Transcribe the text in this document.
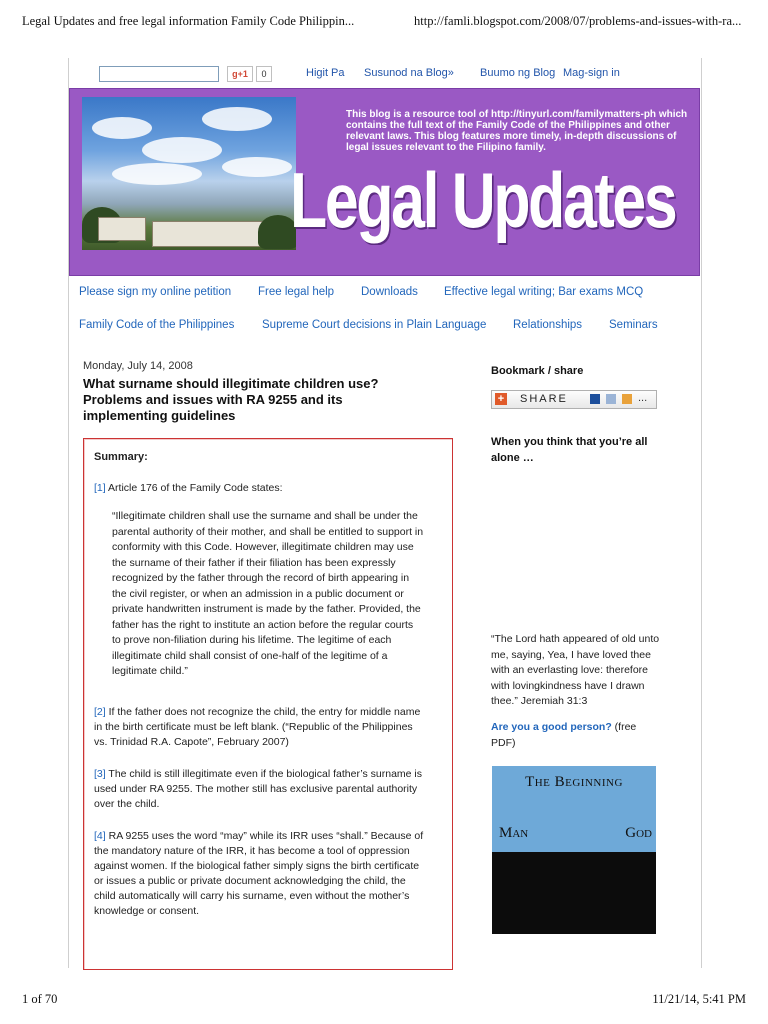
Legal Updates and free legal information Family Code Philippin...	http://famli.blogspot.com/2008/07/problems-and-issues-with-ra...
g+1	0	Higit Pa Susunod na Blog» Buumo ng Blog Mag-sign in
This blog is a resource tool of http://tinyurl.com/familymatters-ph which contains the full text of the Family Code of the Philippines and other relevant laws. This blog features more timely, in-depth discussions of legal issues relevant to the Filipino family.
Legal Updates
Please sign my online petition Free legal help Downloads Effective legal writing; Bar exams MCQ
Family Code of the Philippines Supreme Court decisions in Plain Language Relationships Seminars
Monday, July 14, 2008
What surname should illegitimate children use? Problems and issues with RA 9255 and its implementing guidelines
Summary:
[1] Article 176 of the Family Code states:
“Illegitimate children shall use the surname and shall be under the parental authority of their mother, and shall be entitled to support in conformity with this Code. However, illegitimate children may use the surname of their father if their filiation has been expressly recognized by the father through the record of birth appearing in the civil register, or when an admission in a public document or private handwritten instrument is made by the father. Provided, the father has the right to institute an action before the regular courts to prove non-filiation during his lifetime. The legitime of each illegitimate child shall consist of one-half of the legitime of a legitimate child.”
[2] If the father does not recognize the child, the entry for middle name in the birth certificate must be left blank. (“Republic of the Philippines vs. Trinidad R.A. Capote”, February 2007)
[3] The child is still illegitimate even if the biological father’s surname is used under RA 9255. The mother still has exclusive parental authority over the child.
[4] RA 9255 uses the word “may” while its IRR uses “shall.” Because of the mandatory nature of the IRR, it has become a tool of oppression against women. If the biological father simply signs the birth certificate or issues a public or private document acknowledging the child, the child automatically will carry his surname, even without the mother’s knowledge or consent.
Bookmark / share
+ SHARE	...
When you think that you’re all alone …
“The Lord hath appeared of old unto me, saying, Yea, I have loved thee with an everlasting love: therefore with lovingkindness have I drawn thee.” Jeremiah 31:3
Are you a good person? (free PDF)
The Beginning
Man	God
1 of 70	11/21/14, 5:41 PM
